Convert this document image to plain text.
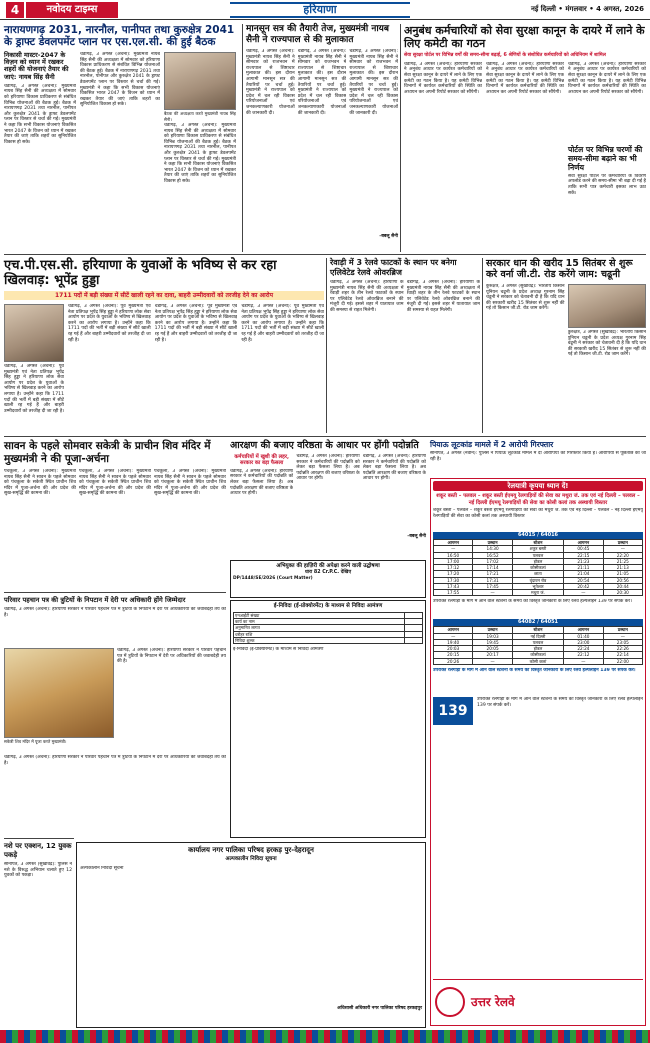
4	नवोदय टाइम्स	हरियाणा	नई दिल्ली • मंगलवार • 4 अगस्त, 2026
नारायणगढ़ 2031, नारनौल, पानीपत तथा कुरुक्षेत्र 2041 के ड्राफ्ट डेवलपमेंट प्लान पर एस.एल.सी. की हुई बैठक
निकासी मास्टर-2047 के विज़न को ध्यान में रखकर शहरों की योजनाएं तैयार की जाएं: नायब सिंह सैनी
चंडीगढ़, 3 अगस्त (अर्चना): मुख्यमंत्री नायब सिंह सैनी की अध्यक्षता में सोमवार को हरियाणा विकास प्राधिकरण से संबंधित विभिन्न योजनाओं की बैठक हुई। बैठक में नारायणगढ़ 2031 तथा नारनौल, पानीपत और कुरुक्षेत्र 2041 के ड्राफ्ट डेवलपमेंट प्लान पर विस्तार से चर्चा की गई। मुख्यमंत्री ने कहा कि सभी विकास योजनाएं विकसित भारत 2047 के विजन को ध्यान में रखकर तैयार की जाएं ताकि शहरों का सुनियोजित विकास हो सके।
चंडीगढ़, 3 अगस्त (अर्चना): मुख्यमंत्री नायब सिंह सैनी की अध्यक्षता में सोमवार को हरियाणा विकास प्राधिकरण से संबंधित विभिन्न योजनाओं की बैठक हुई। बैठक में नारायणगढ़ 2031 तथा नारनौल, पानीपत और कुरुक्षेत्र 2041 के ड्राफ्ट डेवलपमेंट प्लान पर विस्तार से चर्चा की गई। मुख्यमंत्री ने कहा कि सभी विकास योजनाएं विकसित भारत 2047 के विजन को ध्यान में रखकर तैयार की जाएं ताकि शहरों का सुनियोजित विकास हो सके।
बैठक की अध्यक्षता करते मुख्यमंत्री नायब सिंह सैनी।
चंडीगढ़, 3 अगस्त (अर्चना): मुख्यमंत्री नायब सिंह सैनी की अध्यक्षता में सोमवार को हरियाणा विकास प्राधिकरण से संबंधित विभिन्न योजनाओं की बैठक हुई। बैठक में नारायणगढ़ 2031 तथा नारनौल, पानीपत और कुरुक्षेत्र 2041 के ड्राफ्ट डेवलपमेंट प्लान पर विस्तार से चर्चा की गई। मुख्यमंत्री ने कहा कि सभी विकास योजनाएं विकसित भारत 2047 के विजन को ध्यान में रखकर तैयार की जाएं ताकि शहरों का सुनियोजित विकास हो सके।
मानसून सत्र की तैयारी तेज, मुख्यमंत्री नायब सैनी ने राज्यपाल से की मुलाकात
चंडीगढ़, 3 अगस्त (अर्चना): मुख्यमंत्री नायब सिंह सैनी ने सोमवार को राजभवन में राज्यपाल से शिष्टाचार मुलाकात की। इस दौरान आगामी मानसून सत्र की तैयारियों पर चर्चा हुई। मुख्यमंत्री ने राज्यपाल को प्रदेश में चल रही विकास परियोजनाओं एवं जनकल्याणकारी योजनाओं की जानकारी दी।
चंडीगढ़, 3 अगस्त (अर्चना): मुख्यमंत्री नायब सिंह सैनी ने सोमवार को राजभवन में राज्यपाल से शिष्टाचार मुलाकात की। इस दौरान आगामी मानसून सत्र की तैयारियों पर चर्चा हुई। मुख्यमंत्री ने राज्यपाल को प्रदेश में चल रही विकास परियोजनाओं एवं जनकल्याणकारी योजनाओं की जानकारी दी।
चंडीगढ़, 3 अगस्त (अर्चना): मुख्यमंत्री नायब सिंह सैनी ने सोमवार को राजभवन में राज्यपाल से शिष्टाचार मुलाकात की। इस दौरान आगामी मानसून सत्र की तैयारियों पर चर्चा हुई। मुख्यमंत्री ने राज्यपाल को प्रदेश में चल रही विकास परियोजनाओं एवं जनकल्याणकारी योजनाओं की जानकारी दी।
-बबलू सैनी
अनुबंध कर्मचारियों को सेवा सुरक्षा कानून के दायरे में लाने के लिए कमेटी का गठन
सेवा सुरक्षा पोर्टल पर विभिन्न वर्गों की समय-सीमा बढ़ाई, 6 श्रेणियों के संशोधित कर्मचारियों को अधिनियम में शामिल
चंडीगढ़, 3 अगस्त (अर्चना): हरियाणा सरकार ने अनुबंध आधार पर कार्यरत कर्मचारियों को सेवा सुरक्षा कानून के दायरे में लाने के लिए एक कमेटी का गठन किया है। यह कमेटी विभिन्न विभागों में कार्यरत कर्मचारियों की स्थिति का अध्ययन कर अपनी रिपोर्ट सरकार को सौंपेगी।
चंडीगढ़, 3 अगस्त (अर्चना): हरियाणा सरकार ने अनुबंध आधार पर कार्यरत कर्मचारियों को सेवा सुरक्षा कानून के दायरे में लाने के लिए एक कमेटी का गठन किया है। यह कमेटी विभिन्न विभागों में कार्यरत कर्मचारियों की स्थिति का अध्ययन कर अपनी रिपोर्ट सरकार को सौंपेगी।
चंडीगढ़, 3 अगस्त (अर्चना): हरियाणा सरकार ने अनुबंध आधार पर कार्यरत कर्मचारियों को सेवा सुरक्षा कानून के दायरे में लाने के लिए एक कमेटी का गठन किया है। यह कमेटी विभिन्न विभागों में कार्यरत कर्मचारियों की स्थिति का अध्ययन कर अपनी रिपोर्ट सरकार को सौंपेगी।
पोर्टल पर विभिन्न चरणों की समय-सीमा बढ़ाने का भी निर्णय
सेवा सुरक्षा पोर्टल पर कर्मचारियों के विवरण अपलोड करने की समय-सीमा भी बढ़ा दी गई है ताकि सभी पात्र कर्मचारी इसका लाभ उठा सकें।
एच.पी.एस.सी. हरियाणा के युवाओं के भविष्य से कर रहा खिलवाड़: भूपेंद्र हुड्डा
1711 पदों में बड़ी संख्या में सीटें खाली रहने का दावा, बाहरी उम्मीदवारों को तरजीह देने का आरोप
चंडीगढ़, 3 अगस्त (अर्चना): पूर्व मुख्यमंत्री एवं नेता प्रतिपक्ष भूपेंद्र सिंह हुड्डा ने हरियाणा लोक सेवा आयोग पर प्रदेश के युवाओं के भविष्य से खिलवाड़ करने का आरोप लगाया है। उन्होंने कहा कि 1711 पदों की भर्ती में बड़ी संख्या में सीटें खाली रह गई हैं और बाहरी उम्मीदवारों को तरजीह दी जा रही है।
चंडीगढ़, 3 अगस्त (अर्चना): पूर्व मुख्यमंत्री एवं नेता प्रतिपक्ष भूपेंद्र सिंह हुड्डा ने हरियाणा लोक सेवा आयोग पर प्रदेश के युवाओं के भविष्य से खिलवाड़ करने का आरोप लगाया है। उन्होंने कहा कि 1711 पदों की भर्ती में बड़ी संख्या में सीटें खाली रह गई हैं और बाहरी उम्मीदवारों को तरजीह दी जा रही है।
चंडीगढ़, 3 अगस्त (अर्चना): पूर्व मुख्यमंत्री एवं नेता प्रतिपक्ष भूपेंद्र सिंह हुड्डा ने हरियाणा लोक सेवा आयोग पर प्रदेश के युवाओं के भविष्य से खिलवाड़ करने का आरोप लगाया है। उन्होंने कहा कि 1711 पदों की भर्ती में बड़ी संख्या में सीटें खाली रह गई हैं और बाहरी उम्मीदवारों को तरजीह दी जा रही है।
चंडीगढ़, 3 अगस्त (अर्चना): पूर्व मुख्यमंत्री एवं नेता प्रतिपक्ष भूपेंद्र सिंह हुड्डा ने हरियाणा लोक सेवा आयोग पर प्रदेश के युवाओं के भविष्य से खिलवाड़ करने का आरोप लगाया है। उन्होंने कहा कि 1711 पदों की भर्ती में बड़ी संख्या में सीटें खाली रह गई हैं और बाहरी उम्मीदवारों को तरजीह दी जा रही है।
रेवाड़ी में 3 रेलवे फाटकों के स्थान पर बनेगा एलिवेटेड रेलवे ओवरब्रिज
चंडीगढ़, 3 अगस्त (अर्चना): हरियाणा के मुख्यमंत्री नायब सिंह सैनी की अध्यक्षता में रेवाड़ी शहर के तीन रेलवे फाटकों के स्थान पर एलिवेटेड रेलवे ओवरब्रिज बनाने की मंजूरी दी गई। इससे शहर में यातायात जाम की समस्या से राहत मिलेगी।
चंडीगढ़, 3 अगस्त (अर्चना): हरियाणा के मुख्यमंत्री नायब सिंह सैनी की अध्यक्षता में रेवाड़ी शहर के तीन रेलवे फाटकों के स्थान पर एलिवेटेड रेलवे ओवरब्रिज बनाने की मंजूरी दी गई। इससे शहर में यातायात जाम की समस्या से राहत मिलेगी।
सरकार धान की खरीद 15 सितंबर से शुरू करे वर्ना जी.टी. रोड करेंगे जाम: चढूनी
कुरुक्षेत्र, 3 अगस्त (सुखविंद्र): भारतीय किसान यूनियन चढूनी के प्रदेश अध्यक्ष गुरनाम सिंह चढूनी ने सरकार को चेतावनी दी है कि यदि धान की सरकारी खरीद 15 सितंबर से शुरू नहीं की गई तो किसान जी.टी. रोड जाम करेंगे।
कुरुक्षेत्र, 3 अगस्त (सुखविंद्र): भारतीय किसान यूनियन चढूनी के प्रदेश अध्यक्ष गुरनाम सिंह चढूनी ने सरकार को चेतावनी दी है कि यदि धान की सरकारी खरीद 15 सितंबर से शुरू नहीं की गई तो किसान जी.टी. रोड जाम करेंगे।
सावन के पहले सोमवार सकेत्री के प्राचीन शिव मंदिर में मुख्यमंत्री ने की पूजा-अर्चना
पंचकूला, 3 अगस्त (अर्चना): मुख्यमंत्री नायब सिंह सैनी ने सावन के पहले सोमवार को पंचकूला के सकेत्री स्थित प्राचीन शिव मंदिर में पूजा-अर्चना की और प्रदेश की सुख-समृद्धि की कामना की।
पंचकूला, 3 अगस्त (अर्चना): मुख्यमंत्री नायब सिंह सैनी ने सावन के पहले सोमवार को पंचकूला के सकेत्री स्थित प्राचीन शिव मंदिर में पूजा-अर्चना की और प्रदेश की सुख-समृद्धि की कामना की।
पंचकूला, 3 अगस्त (अर्चना): मुख्यमंत्री नायब सिंह सैनी ने सावन के पहले सोमवार को पंचकूला के सकेत्री स्थित प्राचीन शिव मंदिर में पूजा-अर्चना की और प्रदेश की सुख-समृद्धि की कामना की।
आरक्षण की बजाए वरिष्ठता के आधार पर होंगी पदोन्नति
कर्मचारियों में खुशी की लहर, सरकार का बड़ा फैसला
चंडीगढ़, 3 अगस्त (अर्चना): हरियाणा सरकार ने कर्मचारियों की पदोन्नति को लेकर बड़ा फैसला लिया है। अब पदोन्नति आरक्षण की बजाए वरिष्ठता के आधार पर होगी।
चंडीगढ़, 3 अगस्त (अर्चना): हरियाणा सरकार ने कर्मचारियों की पदोन्नति को लेकर बड़ा फैसला लिया है। अब पदोन्नति आरक्षण की बजाए वरिष्ठता के आधार पर होगी।
चंडीगढ़, 3 अगस्त (अर्चना): हरियाणा सरकार ने कर्मचारियों की पदोन्नति को लेकर बड़ा फैसला लिया है। अब पदोन्नति आरक्षण की बजाए वरिष्ठता के आधार पर होगी।
-बबलू सैनी
पियाऊ लूटकांड मामले में 2 आरोपी गिरफ्तार
सोनीपत, 3 अगस्त (नवीन): पुलिस ने पियाऊ लूटकांड मामले में दो आरोपियों को गिरफ्तार किया है। आरोपियों से पूछताछ की जा रही है।
रेलयात्री कृपया ध्यान दें!
शकूर बस्ती – पलवल – शकूर बस्ती ईएमयू रेलगाड़ियों की सेवा का मथुरा जं. तक एवं नई दिल्ली – पलवल – नई दिल्ली ईएमयू रेलगाड़ियों की सेवा का कोसी कलां तक अस्थायी विस्तार
शकूर बस्ती – पलवल – शकूर बस्ती ईएमयू रेलगाड़ियों की सेवा का मथुरा जं. तक एवं नई दिल्ली – पलवल – नई दिल्ली ईएमयू रेलगाड़ियों की सेवा का कोसी कलां तक अस्थायी विस्तार
64015 / 64016
आगमन	प्रस्थान	स्टेशन	आगमन	प्रस्थान
—	14:30	शकूर बस्ती	00:45	—
16:50	16:52	पलवल	22:15	22:20
17:00	17:02	होडल	21:23	21:25
17:12	17:14	कोसीकलां	21:11	21:13
17:20	17:21	छाता	21:04	21:05
17:30	17:31	वृंदावन रोड	20:54	20:56
17:43	17:45	भूतेश्वर	20:42	20:44
17:55	—	मथुरा जं.	—	20:30
उपरोक्त रेलगाड़ी के मार्ग में आने वाले स्टेशनों के समय की विस्तृत जानकारी के लिए रेलवे हेल्पलाइन 139 पर संपर्क करें।
64082 / 64051
आगमन	प्रस्थान	स्टेशन	आगमन	प्रस्थान
—	19:03	नई दिल्ली	01:40	—
19:40	19:45	पलवल	23:00	23:05
20:03	20:05	होडल	22:24	22:26
20:15	20:17	कोसीकलां	22:12	22:14
20:26	—	कोसी कलां	—	22:00
उपरोक्त रेलगाड़ी के मार्ग में आने वाले स्टेशनों के समय की विस्तृत जानकारी के लिए रेलवे हेल्पलाइन 139 पर संपर्क करें।
139
उपरोक्त रेलगाड़ी के मार्ग में आने वाले स्टेशनों के समय की विस्तृत जानकारी के लिए रेलवे हेल्पलाइन 139 पर संपर्क करें।
उत्तर रेलवे
परिवार पहचान पत्र की त्रुटियों के निपटान में देरी पर अधिकारी होंगे जिम्मेदार
चंडीगढ़, 3 अगस्त (अर्चना): हरियाणा सरकार ने परिवार पहचान पत्र में त्रुटियों के निपटान में देरी पर अधिकारियों की जवाबदेही तय की है।
सकेत्री शिव मंदिर में पूजा करते मुख्यमंत्री।
चंडीगढ़, 3 अगस्त (अर्चना): हरियाणा सरकार ने परिवार पहचान पत्र में त्रुटियों के निपटान में देरी पर अधिकारियों की जवाबदेही तय की है।
चंडीगढ़, 3 अगस्त (अर्चना): हरियाणा सरकार ने परिवार पहचान पत्र में त्रुटियों के निपटान में देरी पर अधिकारियों की जवाबदेही तय की है।
नशे पर एक्शन, 12 युवक पकड़े
सोनीपत, 3 अगस्त (सुखविंद्र): पुलिस ने नशे के विरुद्ध अभियान चलाते हुए 12 युवकों को पकड़ा।
कार्यालय नगर पालिका परिषद हरकड़ पुर-देहरादून
अल्पकालीन निविदा सूचना
अल्पकालीन निविदा सूचना
अधिशासी अधिकारी नगर पालिका परिषद हरकड़पुर
ई-निविदा (ई-प्रोक्योरमेंट) के माध्यम से निविदा आमंत्रण
एनआईटी संख्या	
कार्य का नाम	
अनुमानित लागत	
धरोहर राशि	
निविदा शुल्क	
ई-निविदा (ई-प्रोक्योरमेंट) के माध्यम से निविदा आमंत्रण
अभियुक्त की हाज़िरी की अपेक्षा करने वाली उद्घोषणा
धारा 82 Cr.P.C. देखिए
DP/1448/SE/2026 (Court Matter)
